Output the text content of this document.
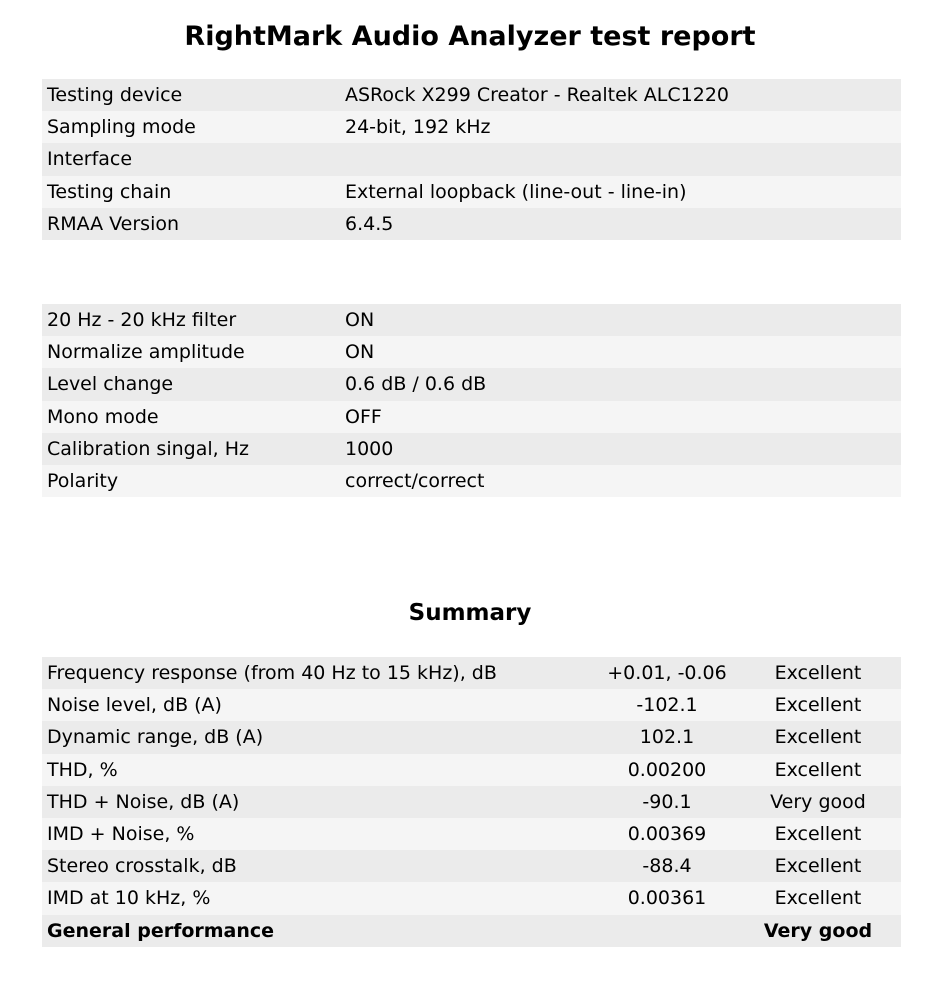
RightMark Audio Analyzer test report
Testing device	ASRock X299 Creator - Realtek ALC1220
Sampling mode	24-bit, 192 kHz
Interface	
Testing chain	External loopback (line-out - line-in)
RMAA Version	6.4.5
20 Hz - 20 kHz filter	ON
Normalize amplitude	ON
Level change	0.6 dB / 0.6 dB
Mono mode	OFF
Calibration singal, Hz	1000
Polarity	correct/correct
Summary
Frequency response (from 40 Hz to 15 kHz), dB	+0.01, -0.06	Excellent
Noise level, dB (A)	-102.1	Excellent
Dynamic range, dB (A)	102.1	Excellent
THD, %	0.00200	Excellent
THD + Noise, dB (A)	-90.1	Very good
IMD + Noise, %	0.00369	Excellent
Stereo crosstalk, dB	-88.4	Excellent
IMD at 10 kHz, %	0.00361	Excellent
General performance		Very good
